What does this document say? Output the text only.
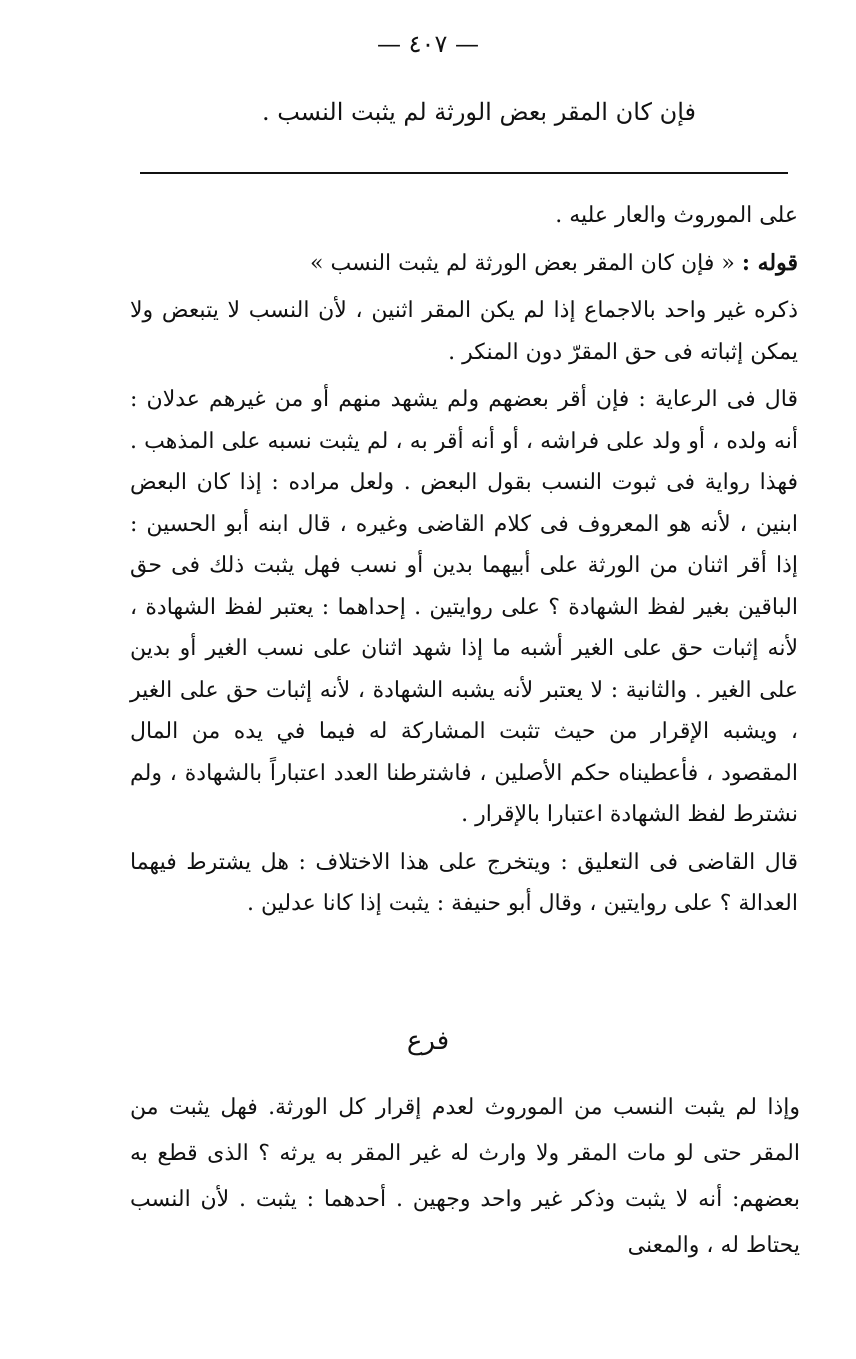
— ٤٠٧ —
فإن كان المقر بعض الورثة لم يثبت النسب .

على الموروث والعار عليه .

قوله : « فإن كان المقر بعض الورثة لم يثبت النسب »

ذكره غير واحد بالاجماع إذا لم يكن المقر اثنين ، لأن النسب لا يتبعض ولا يمكن إثباته فى حق المقرّ دون المنكر .

قال فى الرعاية : فإن أقر بعضهم ولم يشهد منهم أو من غيرهم عدلان : أنه ولده ، أو ولد على فراشه ، أو أنه أقر به ، لم يثبت نسبه على المذهب . فهذا رواية فى ثبوت النسب بقول البعض . ولعل مراده : إذا كان البعض ابنين ، لأنه هو المعروف فى كلام القاضى وغيره ، قال ابنه أبو الحسين : إذا أقر اثنان من الورثة على أبيهما بدين أو نسب فهل يثبت ذلك فى حق الباقين بغير لفظ الشهادة ؟ على روايتين . إحداهما : يعتبر لفظ الشهادة ، لأنه إثبات حق على الغير أشبه ما إذا شهد اثنان على نسب الغير أو بدين على الغير . والثانية : لا يعتبر لأنه يشبه الشهادة ، لأنه إثبات حق على الغير ، ويشبه الإقرار من حيث تثبت المشاركة له فيما في يده من المال المقصود ، فأعطيناه حكم الأصلين ، فاشترطنا العدد اعتباراً بالشهادة ، ولم نشترط لفظ الشهادة اعتبارا بالإقرار .

قال القاضى فى التعليق : ويتخرج على هذا الاختلاف : هل يشترط فيهما العدالة ؟ على روايتين ، وقال أبو حنيفة : يثبت إذا كانا عدلين .

فرع

وإذا لم يثبت النسب من الموروث لعدم إقرار كل الورثة. فهل يثبت من المقر حتى لو مات المقر ولا وارث له غير المقر به يرثه ؟ الذى قطع به بعضهم: أنه لا يثبت وذكر غير واحد وجهين . أحدهما : يثبت . لأن النسب يحتاط له ، والمعنى
